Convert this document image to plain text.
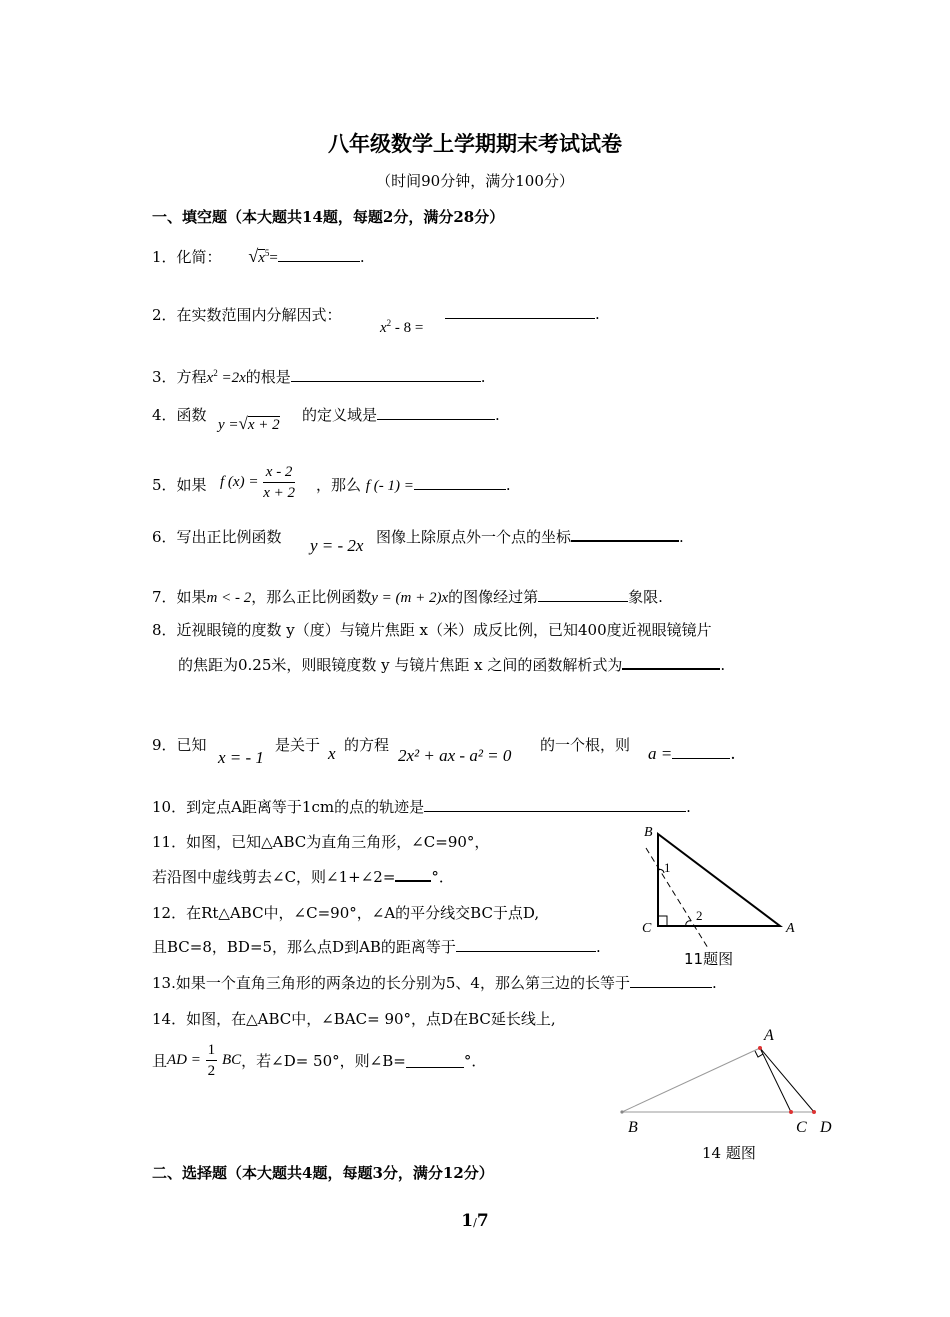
八年级数学上学期期末考试试卷
（时间90分钟，满分100分）
一、填空题（本大题共14题，每题2分，满分28分）
1．化简： $√x^5=$	.
2．在实数范围内分解因式：
$x^2 - 8$ =
.
3．方程$x^2 =2x$的根是	.
4．函数
y =√x + 2
的定义域是	.
5．如果 f $(x) = \frac{x - 2}{x + 2}$ ，那么 f (- 1) =	.
6．写出正比例函数 y = - 2x 图像上除原点外一个点的坐标	.
7．如果m < - 2，那么正比例函数y = (m + 2)x的图像经过第	象限.
8．近视眼镜的度数 y（度）与镜片焦距 x（米）成反比例，已知400度近视眼镜镜片
的焦距为0.25米，则眼镜度数 y 与镜片焦距 x 之间的函数解析式为	.
9．已知
x = - 1
是关于 x 的方程
2x² + ax - a² = 0
的一个根，则 a =	.
10．到定点A距离等于1cm的点的轨迹是	.
11．如图，已知△ABC为直角三角形，∠C=90°，
若沿图中虚线剪去∠C，则∠1+∠2= °．
12．在Rt△ABC中，∠C=90°，∠A的平分线交BC于点D,
且BC=8，BD=5，那么点D到AB的距离等于	.
13.如果一个直角三角形的两条边的长分别为5、4，那么第三边的长等于	.
14．如图，在△ABC中，∠BAC= 90°，点D在BC延长线上,
且AD = $\frac{1}{2}$ BC，若∠D= 50°，则∠B=	°．
B
C	A
1
2
11题图
A
B	C D
14 题图
二、选择题（本大题共4题，每题3分，满分12分）
1/7
